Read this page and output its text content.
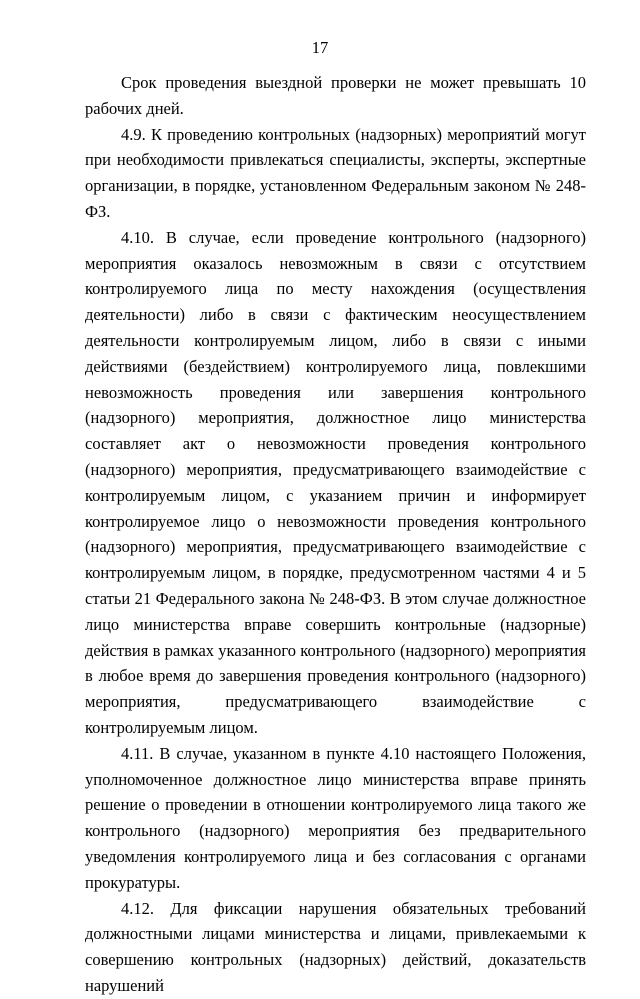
17

Срок проведения выездной проверки не может превышать 10 рабочих дней.

4.9. К проведению контрольных (надзорных) мероприятий могут при необходимости привлекаться специалисты, эксперты, экспертные организации, в порядке, установленном Федеральным законом № 248-ФЗ.

4.10. В случае, если проведение контрольного (надзорного) мероприятия оказалось невозможным в связи с отсутствием контролируемого лица по месту нахождения (осуществления деятельности) либо в связи с фактическим неосуществлением деятельности контролируемым лицом, либо в связи с иными действиями (бездействием) контролируемого лица, повлекшими невозможность проведения или завершения контрольного (надзорного) мероприятия, должностное лицо министерства составляет акт о невозможности проведения контрольного (надзорного) мероприятия, предусматривающего взаимодействие с контролируемым лицом, с указанием причин и информирует контролируемое лицо о невозможности проведения контрольного (надзорного) мероприятия, предусматривающего взаимодействие с контролируемым лицом, в порядке, предусмотренном частями 4 и 5 статьи 21 Федерального закона № 248-ФЗ. В этом случае должностное лицо министерства вправе совершить контрольные (надзорные) действия в рамках указанного контрольного (надзорного) мероприятия в любое время до завершения проведения контрольного (надзорного) мероприятия, предусматривающего взаимодействие с контролируемым лицом.

4.11. В случае, указанном в пункте 4.10 настоящего Положения, уполномоченное должностное лицо министерства вправе принять решение о проведении в отношении контролируемого лица такого же контрольного (надзорного) мероприятия без предварительного уведомления контролируемого лица и без согласования с органами прокуратуры.

4.12. Для фиксации нарушения обязательных требований должностными лицами министерства и лицами, привлекаемыми к совершению контрольных (надзорных) действий, доказательств нарушений
